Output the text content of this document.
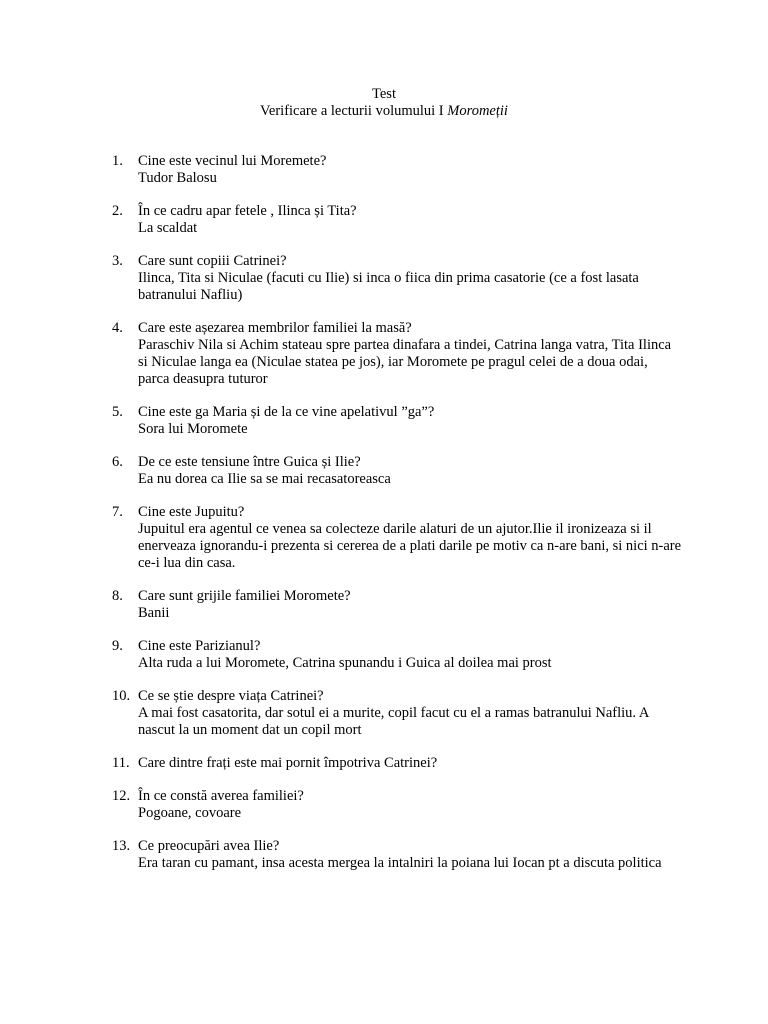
Test
Verificare a lecturii volumului I Moromeții
1. Cine este vecinul lui Moremete?
Tudor Balosu
2. În ce cadru apar fetele , Ilinca și Tita?
La scaldat
3. Care sunt copiii Catrinei?
Ilinca, Tita si Niculae (facuti cu Ilie) si inca o fiica din prima casatorie (ce a fost lasata batranului Nafliu)
4. Care este așezarea membrilor familiei la masă?
Paraschiv Nila si Achim stateau spre partea dinafara a tindei, Catrina langa vatra, Tita Ilinca si Niculae langa ea (Niculae statea pe jos), iar Moromete pe pragul celei de a doua odai, parca deasupra tuturor
5. Cine este ga Maria și de la ce vine apelativul ”ga”?
Sora lui Moromete
6. De ce este tensiune între Guica și Ilie?
Ea nu dorea ca Ilie sa se mai recasatoreasca
7. Cine este Jupuitu?
Jupuitul era agentul ce venea sa colecteze darile alaturi de un ajutor.Ilie il ironizeaza si il enerveaza ignorandu-i prezenta si cererea de a plati darile pe motiv ca n-are bani, si nici n-are ce-i lua din casa.
8. Care sunt grijile familiei Moromete?
Banii
9. Cine este Parizianul?
Alta ruda a lui Moromete, Catrina spunandu i Guica al doilea mai prost
10. Ce se știe despre viața Catrinei?
A mai fost casatorita, dar sotul ei a murite, copil facut cu el a ramas batranului Nafliu. A nascut la un moment dat un copil mort
11. Care dintre frați este mai pornit împotriva Catrinei?
12. În ce constă averea familiei?
Pogoane, covoare
13. Ce preocupări avea Ilie?
Era taran cu pamant, insa acesta mergea la intalniri la poiana lui Iocan pt a discuta politica
